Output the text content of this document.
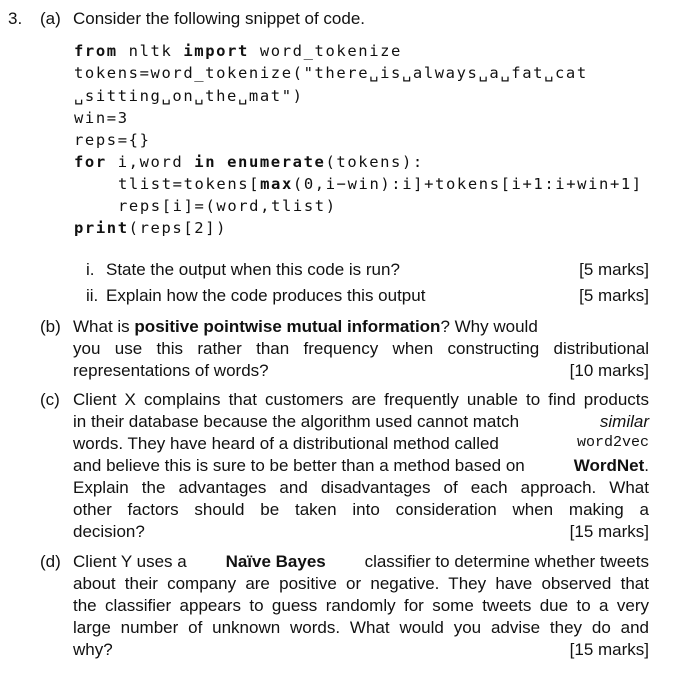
3. (a) Consider the following snippet of code.
from nltk import word_tokenize
tokens=word_tokenize("there␣is␣always␣a␣fat␣cat
␣sitting␣on␣the␣mat")
win=3
reps={}
for i,word in enumerate(tokens):
tlist=tokens[max(0,i−win):i]+tokens[i+1:i+win+1]
reps[i]=(word,tlist)
print(reps[2])
i. State the output when this code is run?	[5 marks]
ii. Explain how the code produces this output	[5 marks]
(b) What is positive pointwise mutual information? Why would
you use this rather than frequency when constructing distributional
representations of words?	[10 marks]
(c) Client X complains that customers are frequently unable to find products
in their database because the algorithm used cannot match	similar
words. They have heard of a distributional method called	word2vec
and believe this is sure to be better than a method based on	WordNet.
Explain the advantages and disadvantages of each approach. What
other factors should be taken into consideration when making a
decision?	[15 marks]
(d) Client Y uses a Naïve Bayes classifier to determine whether tweets
about their company are positive or negative. They have observed that
the classifier appears to guess randomly for some tweets due to a very
large number of unknown words. What would you advise they do and
why?	[15 marks]
